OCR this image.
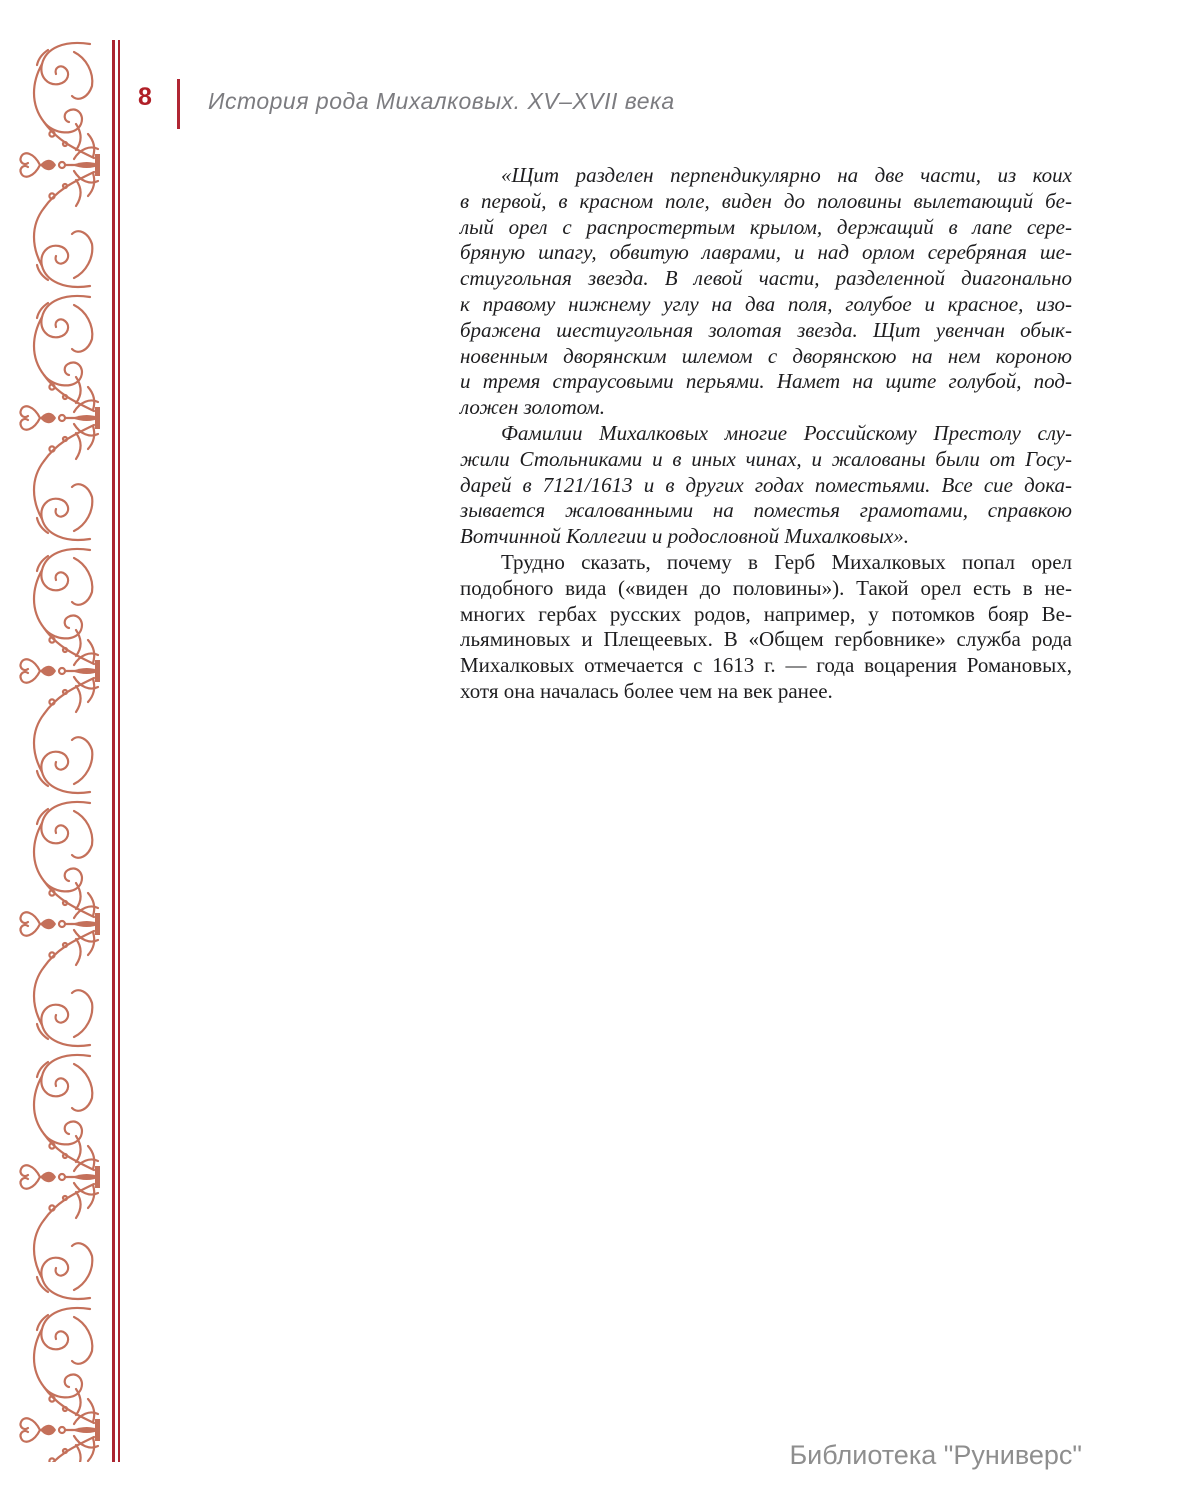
8 История рода Михалковых. XV–XVII века
«Щит разделен перпендикулярно на две части, из коих
в первой, в красном поле, виден до половины вылетающий бе-
лый орел с распростертым крылом, держащий в лапе сере-
бряную шпагу, обвитую лаврами, и над орлом серебряная ше-
стиугольная звезда. В левой части, разделенной диагонально
к правому нижнему углу на два поля, голубое и красное, изо-
бражена шестиугольная золотая звезда. Щит увенчан обык-
новенным дворянским шлемом с дворянскою на нем короною
и тремя страусовыми перьями. Намет на щите голубой, под-
ложен золотом.
Фамилии Михалковых многие Российскому Престолу слу-
жили Стольниками и в иных чинах, и жалованы были от Госу-
дарей в 7121/1613 и в других годах поместьями. Все сие дока-
зывается жалованными на поместья грамотами, справкою
Вотчинной Коллегии и родословной Михалковых».
Трудно сказать, почему в Герб Михалковых попал орел
подобного вида («виден до половины»). Такой орел есть в не-
многих гербах русских родов, например, у потомков бояр Ве-
льяминовых и Плещеевых. В «Общем гербовнике» служба рода
Михалковых отмечается с 1613 г. — года воцарения Романовых,
хотя она началась более чем на век ранее.
Библиотека "Руниверс"
